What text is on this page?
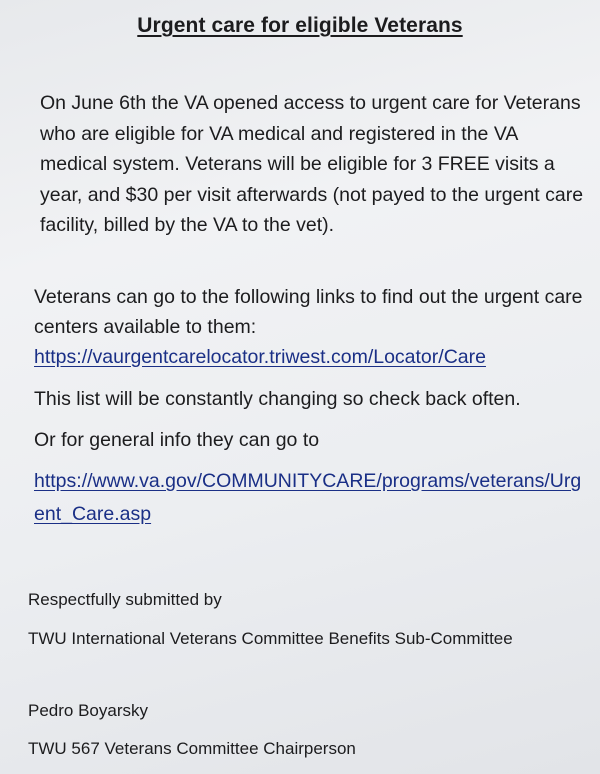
Urgent care for eligible Veterans

On June 6th the VA opened access to urgent care for Veterans who are eligible for VA medical and registered in the VA medical system. Veterans will be eligible for 3 FREE visits a year, and $30 per visit afterwards (not payed to the urgent care facility, billed by the VA to the vet).

Veterans can go to the following links to find out the urgent care centers available to them:

https://vaurgentcarelocator.triwest.com/Locator/Care

This list will be constantly changing so check back often.

Or for general info they can go to

https://www.va.gov/COMMUNITYCARE/programs/veterans/Urgent_Care.asp

Respectfully submitted by

TWU International Veterans Committee Benefits Sub-Committee

Pedro Boyarsky

TWU 567 Veterans Committee Chairperson
